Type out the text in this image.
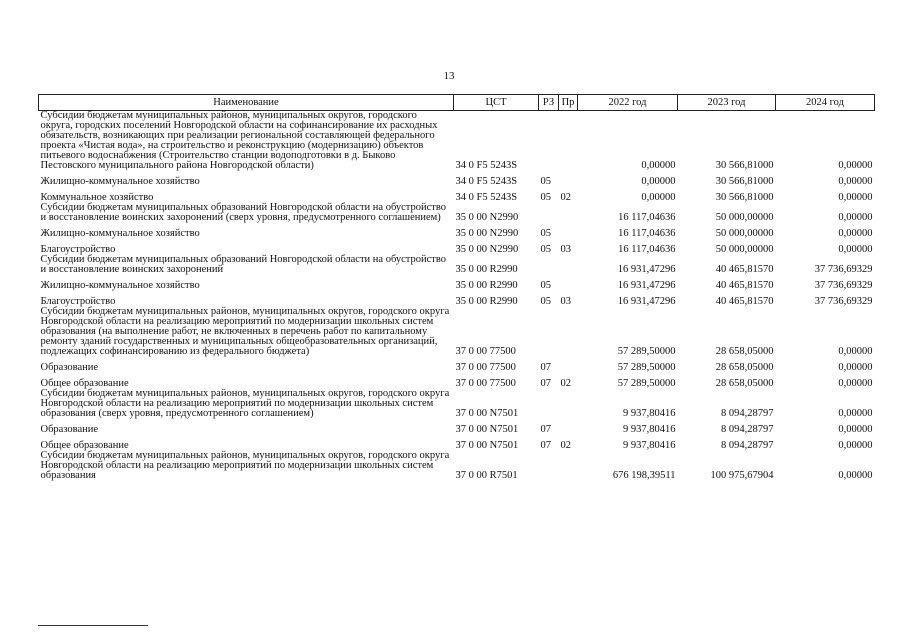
13
Наименование	ЦСТ	РЗ	Пр	2022 год	2023 год	2024 год
Субсидии бюджетам муниципальных районов, муниципальных округов, городского округа, городских поселений Новгородской области на софинансирование их расходных обязательств, возникающих при реализации региональной составляющей федерального проекта «Чистая вода», на строительство и реконструкцию (модернизацию) объектов питьевого водоснабжения (Строительство станции водоподготовки в д. Быково Пестовского муниципального района Новгородской области)	34 0 F5 5243S			0,00000	30 566,81000	0,00000
Жилищно-коммунальное хозяйство	34 0 F5 5243S	05		0,00000	30 566,81000	0,00000
Коммунальное хозяйство	34 0 F5 5243S	05	02	0,00000	30 566,81000	0,00000
Субсидии бюджетам муниципальных образований Новгородской области на обустройство и восстановление воинских захоронений (сверх уровня, предусмотренного соглашением)	35 0 00 N2990			16 117,04636	50 000,00000	0,00000
Жилищно-коммунальное хозяйство	35 0 00 N2990	05		16 117,04636	50 000,00000	0,00000
Благоустройство	35 0 00 N2990	05	03	16 117,04636	50 000,00000	0,00000
Субсидии бюджетам муниципальных образований Новгородской области на обустройство и восстановление воинских захоронений	35 0 00 R2990			16 931,47296	40 465,81570	37 736,69329
Жилищно-коммунальное хозяйство	35 0 00 R2990	05		16 931,47296	40 465,81570	37 736,69329
Благоустройство	35 0 00 R2990	05	03	16 931,47296	40 465,81570	37 736,69329
Субсидии бюджетам муниципальных районов, муниципальных округов, городского округа Новгородской области на реализацию мероприятий по модернизации школьных систем образования (на выполнение работ, не включенных в перечень работ по капитальному ремонту зданий государственных и муниципальных общеобразовательных организаций, подлежащих софинансированию из федерального бюджета)	37 0 00 77500			57 289,50000	28 658,05000	0,00000
Образование	37 0 00 77500	07		57 289,50000	28 658,05000	0,00000
Общее образование	37 0 00 77500	07	02	57 289,50000	28 658,05000	0,00000
Субсидии бюджетам муниципальных районов, муниципальных округов, городского округа Новгородской области на реализацию мероприятий по модернизации школьных систем образования (сверх уровня, предусмотренного соглашением)	37 0 00 N7501			9 937,80416	8 094,28797	0,00000
Образование	37 0 00 N7501	07		9 937,80416	8 094,28797	0,00000
Общее образование	37 0 00 N7501	07	02	9 937,80416	8 094,28797	0,00000
Субсидии бюджетам муниципальных районов, муниципальных округов, городского округа Новгородской области на реализацию мероприятий по модернизации школьных систем образования	37 0 00 R7501			676 198,39511	100 975,67904	0,00000
